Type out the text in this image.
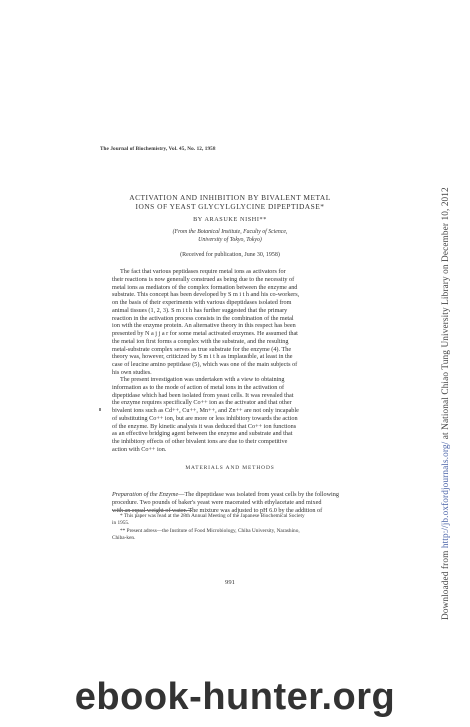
The Journal of Biochemistry, Vol. 45, No. 12, 1958
ACTIVATION AND INHIBITION BY BIVALENT METAL
IONS OF YEAST GLYCYLGLYCINE DIPEPTIDASE*
BY ARASUKE NISHI**
(From the Botanical Institute, Faculty of Science,
University of Tokyo, Tokyo)
(Received for publication, June 30, 1958)
The fact that various peptidases require metal ions as activators for
their reactions is now generally construed as being due to the necessity of
metal ions as mediators of the complex formation between the enzyme and
substrate. This concept has been developed by S m i t h and his co-workers,
on the basis of their experiments with various dipeptidases isolated from
animal tissues (1, 2, 3). S m i t h has further suggested that the primary
reaction in the activation process consists in the combination of the metal
ion with the enzyme protein. An alternative theory in this respect has been
presented by N a j j a r for some metal activated enzymes. He assumed that
the metal ion first forms a complex with the substrate, and the resulting
metal-substrate complex serves as true substrate for the enzyme (4). The
theory was, however, criticized by S m i t h as implausible, at least in the
case of leucine amino peptidase (5), which was one of the main subjects of
his own studies.
The present investigation was undertaken with a view to obtaining
information as to the mode of action of metal ions in the activation of
dipeptidase which had been isolated from yeast cells. It was revealed that
the enzyme requires specifically Co++ ion as the activator and that other
bivalent ions such as Cd++, Cu++, Mn++, and Zn++ are not only incapable
of substituting Co++ ion, but are more or less inhibitory towards the action
of the enzyme. By kinetic analysis it was deduced that Co++ ion functions
as an effective bridging agent between the enzyme and substrate and that
the inhibitory effects of other bivalent ions are due to their competitive
action with Co++ ion.
MATERIALS AND METHODS
Preparation of the Enzyme—The dipeptidase was isolated from yeast cells by the following
procedure. Two pounds of baker's yeast were macerated with ethylacetate and mixed
with an equal weight of water. The mixture was adjusted to pH 6.0 by the addition of
* This paper was read at the 28th Annual Meeting of the Japanese Biochemical Society
in 1955.
** Present adress—the Institute of Food Microbiology, Chiba University, Narashino,
Chiba-ken.
991	Downloaded from http://jb.oxfordjournals.org/ at National Chiao Tung University Library on December 10, 2012
ebook-hunter.org
